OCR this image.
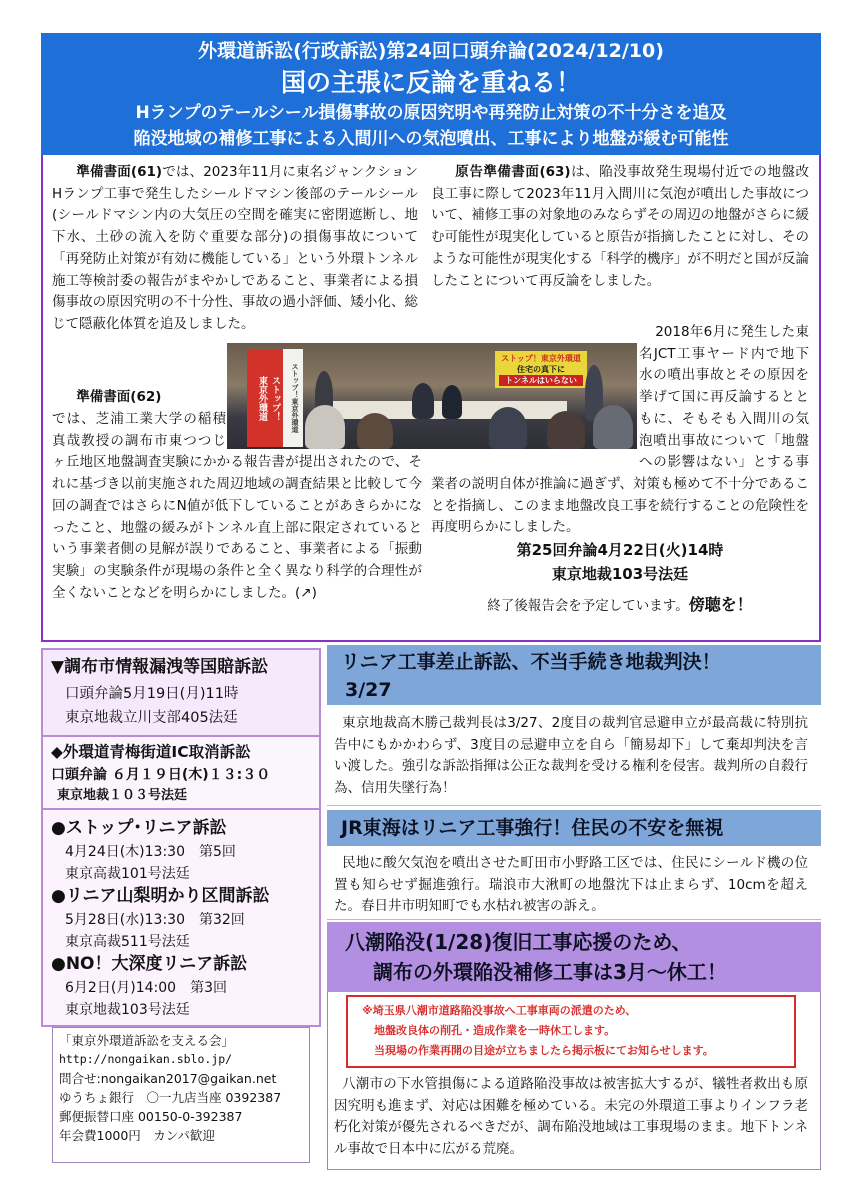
外環道訴訟(行政訴訟)第24回口頭弁論(2024/12/10)
国の主張に反論を重ねる！
Hランプのテールシール損傷事故の原因究明や再発防止対策の不十分さを追及
陥没地域の補修工事による入間川への気泡噴出、工事により地盤が緩む可能性

準備書面(61)では、2023年11月に東名ジャンクションHランプ工事で発生したシールドマシン後部のテールシール(シールドマシン内の大気圧の空間を確実に密閉遮断し、地下水、土砂の流入を防ぐ重要な部分)の損傷事故について「再発防止対策が有効に機能している」という外環トンネル施工等検討委の報告がまやかしであること、事業者による損傷事故の原因究明の不十分性、事故の過小評価、矮小化、総じて隠蔽化体質を追及しました。

準備書面(62)

では、芝浦工業大学の稲積真哉教授の調布市東つつじヶ丘地区地盤調査実験にかかる報告書が提出されたので、それに基づき以前実施された周辺地域の調査結果と比較して今回の調査ではさらにN値が低下していることがあきらかになったこと、地盤の緩みがトンネル直上部に限定されているという事業者側の見解が誤りであること、事業者による「振動実験」の実験条件が現場の条件と全く異なり科学的合理性が全くないことなどを明らかにしました。(↗)

原告準備書面(63)は、陥没事故発生現場付近での地盤改良工事に際して2023年11月入間川に気泡が噴出した事故について、補修工事の対象地のみならずその周辺の地盤がさらに緩む可能性が現実化していると原告が指摘したことに対し、そのような可能性が現実化する「科学的機序」が不明だと国が反論したことについて再反論をしました。

2018年6月に発生した東名JCT工事ヤード内で地下水の噴出事故とその原因を挙げて国に再反論するとともに、そもそも入間川の気泡噴出事故について「地盤への影響はない」とする事業者の説明自体が推論に過ぎず、対策も極めて不十分であることを指摘し、このまま地盤改良工事を続行することの危険性を再度明らかにしました。

ストップ！
東京外環道	ストップ！東京外環道
ストップ！東京外環道
住宅の真下に
トンネルはいらない
第25回弁論4月22日(火)14時
東京地裁103号法廷
終了後報告会を予定しています。傍聴を！
▼調布市情報漏洩等国賠訴訟
口頭弁論5月19日(月)11時
東京地裁立川支部405法廷
◆外環道青梅街道IC取消訴訟
口頭弁論 ６月１９日(木)１３:３０
東京地裁１０３号法廷
●ストップ･リニア訴訟
4月24日(木)13:30　第5回
東京高裁101号法廷
●リニア山梨明かり区間訴訟
5月28日(水)13:30　第32回
東京高裁511号法廷
●NO！大深度リニア訴訟
6月2日(月)14:00　第3回
東京地裁103号法廷
「東京外環道訴訟を支える会」
http://nongaikan.sblo.jp/
問合せ:nongaikan2017@gaikan.net
ゆうちょ銀行　〇一九店当座 0392387
郵便振替口座 00150-0-392387
年会費1000円　カンパ歓迎
リニア工事差止訴訟、不当手続き地裁判決！
3/27
東京地裁高木勝己裁判長は3/27、2度目の裁判官忌避申立が最高裁に特別抗告中にもかかわらず、3度目の忌避申立を自ら「簡易却下」して棄却判決を言い渡した。強引な訴訟指揮は公正な裁判を受ける権利を侵害。裁判所の自殺行為、信用失墜行為！
JR東海はリニア工事強行！住民の不安を無視
民地に酸欠気泡を噴出させた町田市小野路工区では、住民にシールド機の位置も知らせず掘進強行。瑞浪市大湫町の地盤沈下は止まらず、10cmを超えた。春日井市明知町でも水枯れ被害の訴え。
八潮陥没(1/28)復旧工事応援のため、
調布の外環陥没補修工事は3月～休工！
※埼玉県八潮市道路陥没事故へ工事車両の派遣のため、
地盤改良体の削孔・造成作業を一時休工します。
当現場の作業再開の目途が立ちましたら掲示板にてお知らせします。
八潮市の下水管損傷による道路陥没事故は被害拡大するが、犠牲者救出も原因究明も進まず、対応は困難を極めている。未完の外環道工事よりインフラ老朽化対策が優先されるべきだが、調布陥没地域は工事現場のまま。地下トンネル事故で日本中に広がる荒廃。
